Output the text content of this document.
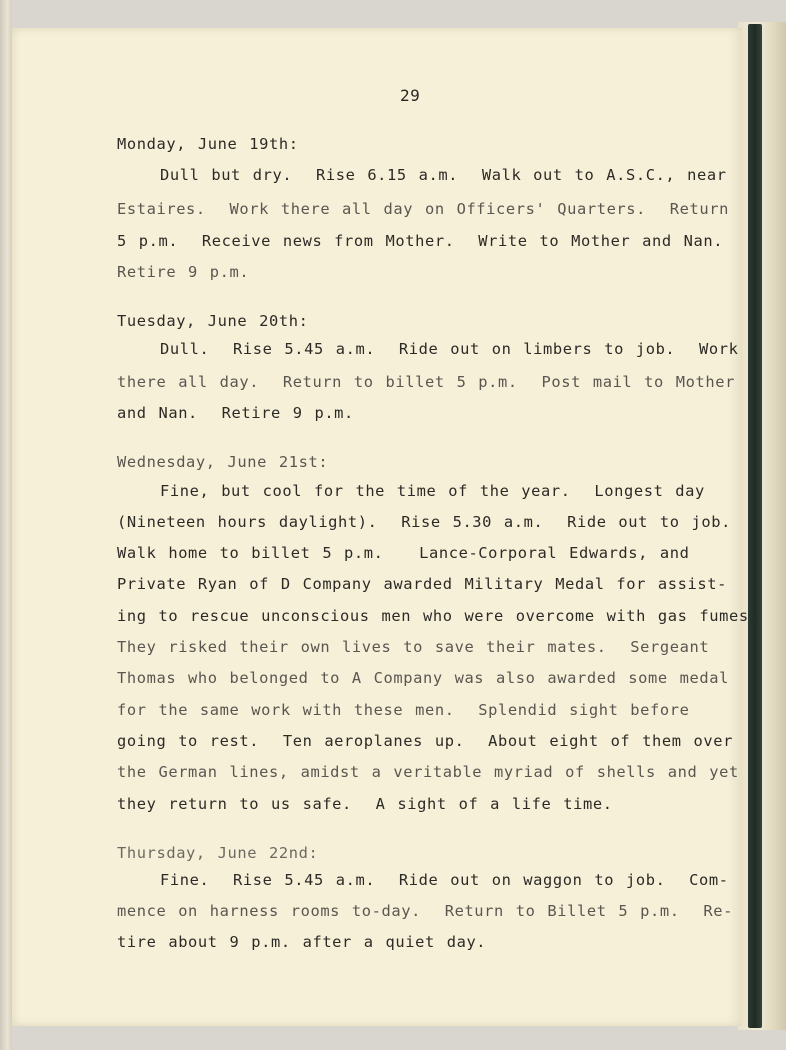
29
Monday, June 19th:
Dull but dry.  Rise 6.15 a.m.  Walk out to A.S.C., near
Estaires.  Work there all day on Officers' Quarters.  Return
5 p.m.  Receive news from Mother.  Write to Mother and Nan.
Retire 9 p.m.
Tuesday, June 20th:
Dull.  Rise 5.45 a.m.  Ride out on limbers to job.  Work
there all day.  Return to billet 5 p.m.  Post mail to Mother
and Nan.  Retire 9 p.m.
Wednesday, June 21st:
Fine, but cool for the time of the year.  Longest day
(Nineteen hours daylight).  Rise 5.30 a.m.  Ride out to job.
Walk home to billet 5 p.m.   Lance-Corporal Edwards, and
Private Ryan of D Company awarded Military Medal for assist-
ing to rescue unconscious men who were overcome with gas fumes.
They risked their own lives to save their mates.  Sergeant
Thomas who belonged to A Company was also awarded some medal
for the same work with these men.  Splendid sight before
going to rest.  Ten aeroplanes up.  About eight of them over
the German lines, amidst a veritable myriad of shells and yet
they return to us safe.  A sight of a life time.
Thursday, June 22nd:
Fine.  Rise 5.45 a.m.  Ride out on waggon to job.  Com-
mence on harness rooms to-day.  Return to Billet 5 p.m.  Re-
tire about 9 p.m. after a quiet day.
